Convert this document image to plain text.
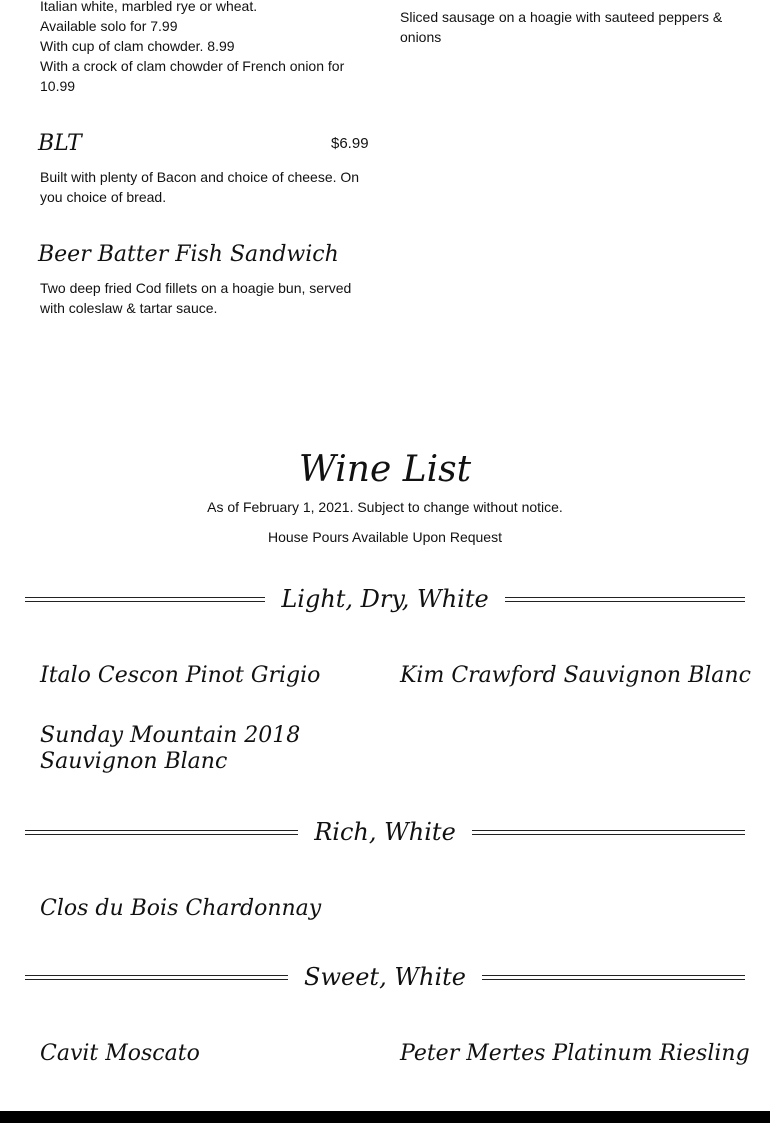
Italian white, marbled rye or wheat.
Available solo for 7.99
With cup of clam chowder. 8.99
With a crock of clam chowder of French onion for
10.99
Sliced sausage on a hoagie with sauteed peppers & onions
BLT	$6.99
Built with plenty of Bacon and choice of cheese. On you choice of bread.
Beer Batter Fish Sandwich
Two deep fried Cod fillets on a hoagie bun, served with coleslaw & tartar sauce.
Wine List
As of February 1, 2021. Subject to change without notice.
House Pours Available Upon Request
Light, Dry, White
Italo Cescon Pinot Grigio	Kim Crawford Sauvignon Blanc
Sunday Mountain 2018 Sauvignon Blanc
Rich, White
Clos du Bois Chardonnay
Sweet, White
Cavit Moscato	Peter Mertes Platinum Riesling
